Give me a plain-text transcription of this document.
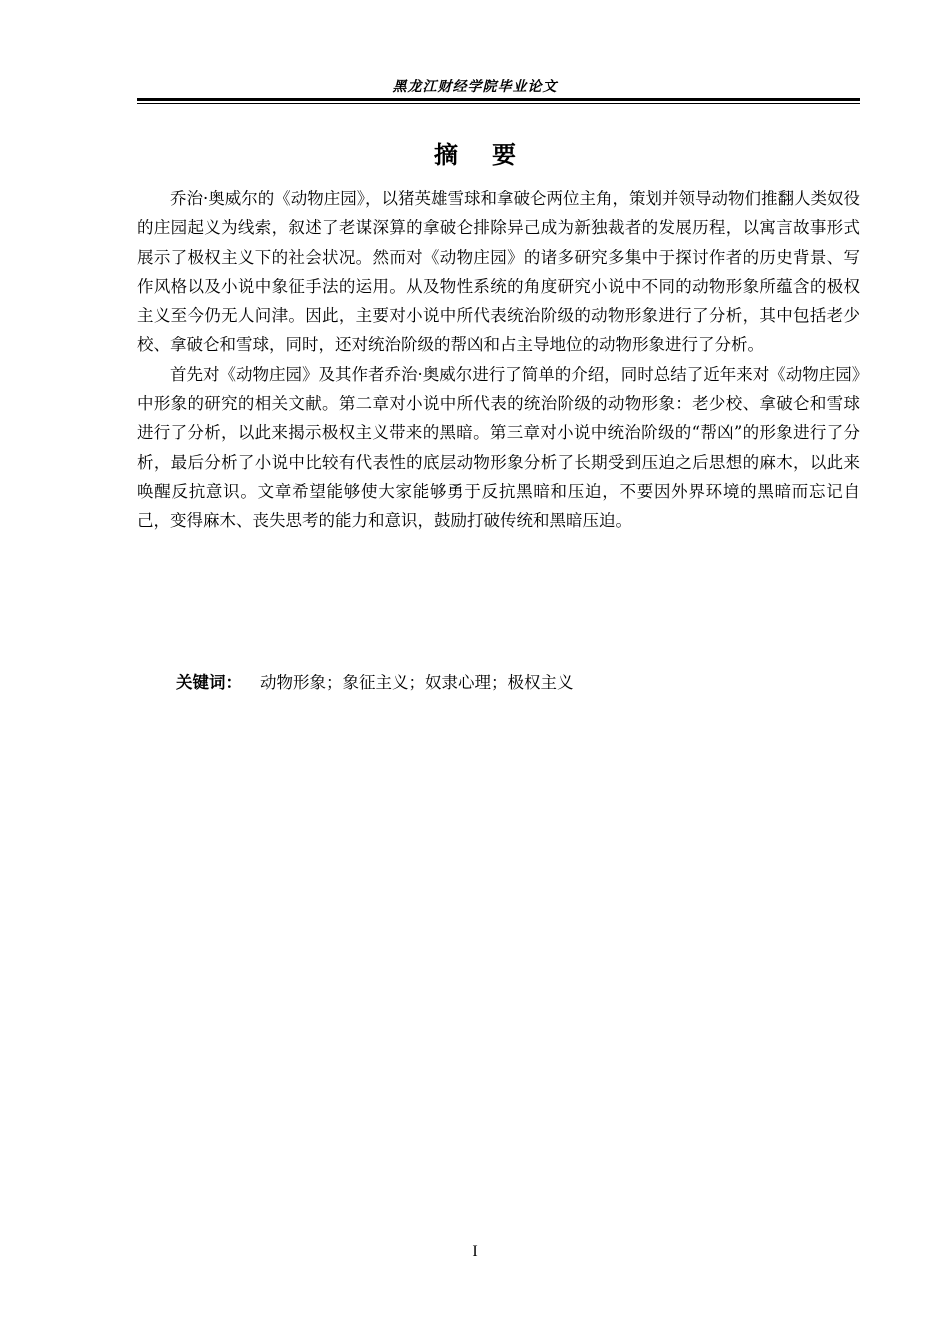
黑龙江财经学院毕业论文
摘要

乔治·奥威尔的《动物庄园》，以猪英雄雪球和拿破仑两位主角，策划并领导动物们推翻人类奴役的庄园起义为线索，叙述了老谋深算的拿破仑排除异己成为新独裁者的发展历程，以寓言故事形式展示了极权主义下的社会状况。然而对《动物庄园》的诸多研究多集中于探讨作者的历史背景、写作风格以及小说中象征手法的运用。从及物性系统的角度研究小说中不同的动物形象所蕴含的极权主义至今仍无人问津。因此，主要对小说中所代表统治阶级的动物形象进行了分析，其中包括老少校、拿破仑和雪球，同时，还对统治阶级的帮凶和占主导地位的动物形象进行了分析。

首先对《动物庄园》及其作者乔治·奥威尔进行了简单的介绍，同时总结了近年来对《动物庄园》中形象的研究的相关文献。第二章对小说中所代表的统治阶级的动物形象：老少校、拿破仑和雪球进行了分析，以此来揭示极权主义带来的黑暗。第三章对小说中统治阶级的“帮凶”的形象进行了分析，最后分析了小说中比较有代表性的底层动物形象分析了长期受到压迫之后思想的麻木，以此来唤醒反抗意识。文章希望能够使大家能够勇于反抗黑暗和压迫，不要因外界环境的黑暗而忘记自己，变得麻木、丧失思考的能力和意识，鼓励打破传统和黑暗压迫。

关键词： 动物形象；象征主义；奴隶心理；极权主义
I
